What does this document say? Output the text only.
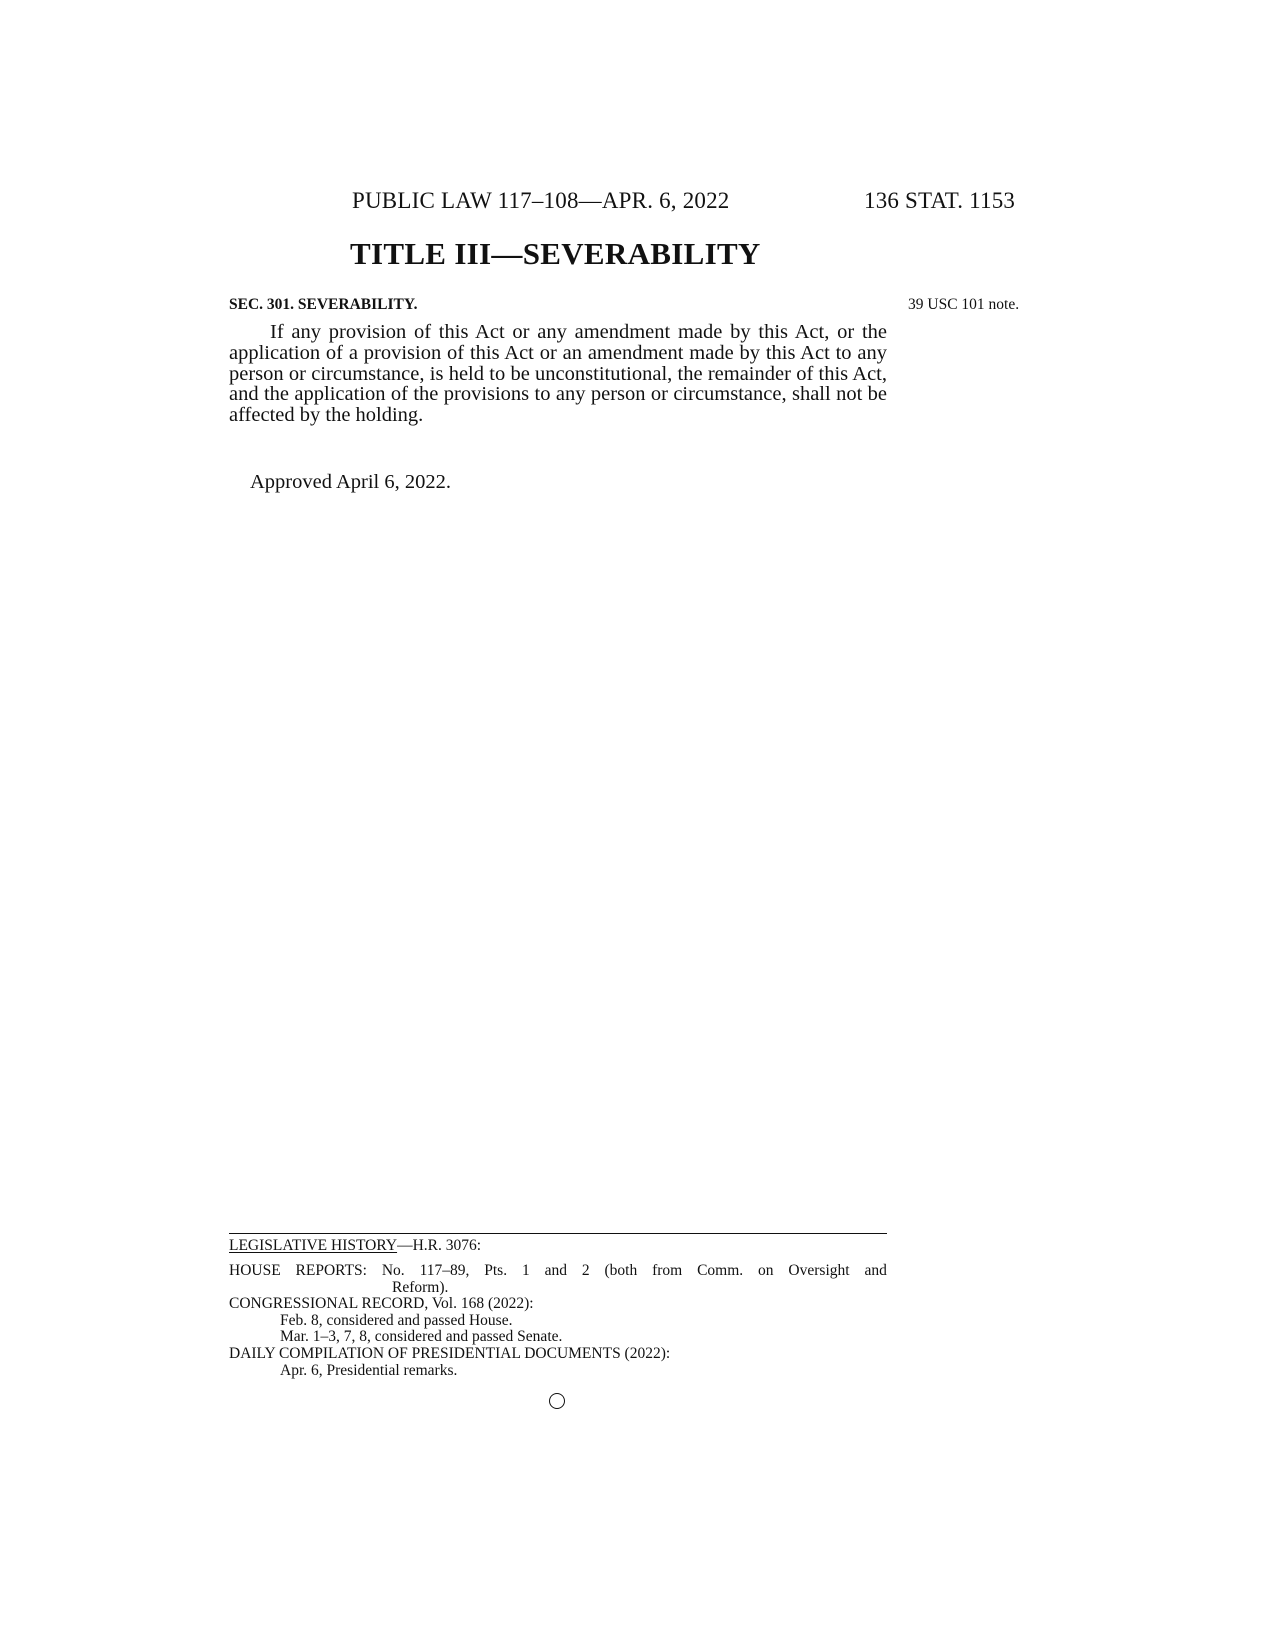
PUBLIC LAW 117–108—APR. 6, 2022	136 STAT. 1153
TITLE III—SEVERABILITY
SEC. 301. SEVERABILITY.	39 USC 101 note.
If any provision of this Act or any amendment made by this Act, or the application of a provision of this Act or an amendment made by this Act to any person or circumstance, is held to be unconstitutional, the remainder of this Act, and the application of the provisions to any person or circumstance, shall not be affected by the holding.
Approved April 6, 2022.
LEGISLATIVE HISTORY—H.R. 3076:
HOUSE REPORTS: No. 117–89, Pts. 1 and 2 (both from Comm. on Oversight and
Reform).
CONGRESSIONAL RECORD, Vol. 168 (2022):
Feb. 8, considered and passed House.
Mar. 1–3, 7, 8, considered and passed Senate.
DAILY COMPILATION OF PRESIDENTIAL DOCUMENTS (2022):
Apr. 6, Presidential remarks.
